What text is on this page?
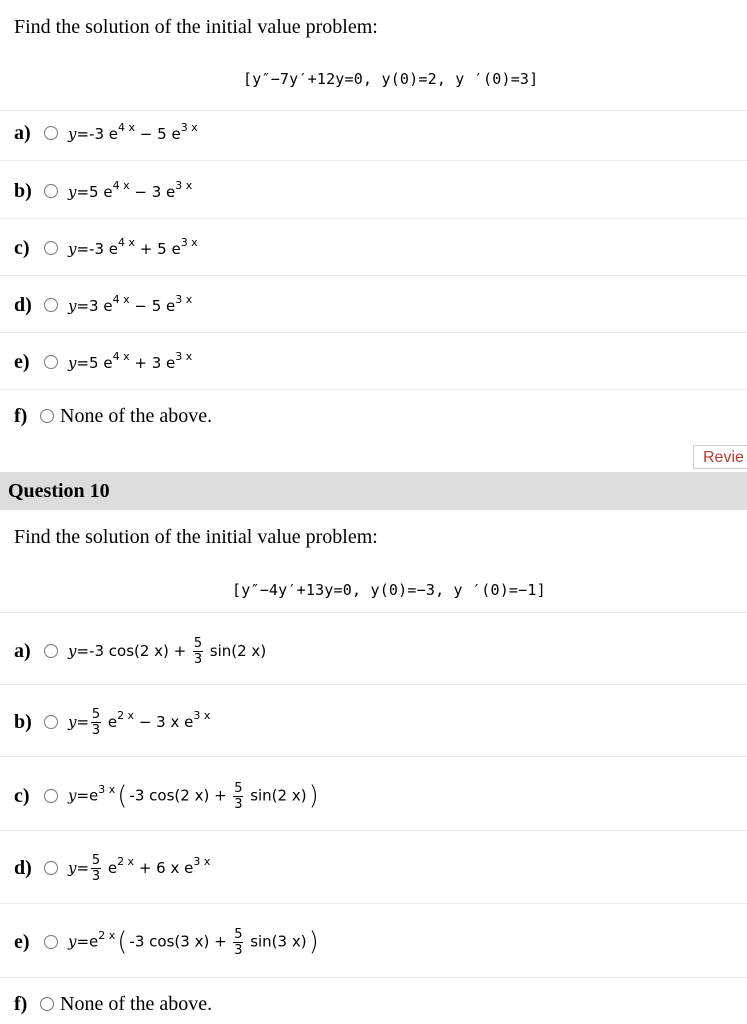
Find the solution of the initial value problem:
[y″−7y′+12y=0, y(0)=2, y ′(0)=3]
a)	y=-3 $e^{4 x} - 5$ $e^{3 x}$
b)	y=5 $e^{4 x} - 3$ $e^{3 x}$
c)	y=-3 $e^{4 x} + 5$ $e^{3 x}$
d)	y=3 $e^{4 x} - 5$ $e^{3 x}$
e)	y=5 $e^{4 x} + 3$ $e^{3 x}$
f)	None of the above.
Revie
Question 10
Find the solution of the initial value problem:
[y″−4y′+13y=0, y(0)=−3, y ′(0)=−1]
a)	y=-3 cos(2 $x) + \frac{5}{3} \sin(2$ x)
b)	$y= \frac{5}{3} e^{2 x} - 3$ x $e^{3 x}$
c)	$y=e^{3 x}$( -3 cos(2 $x) + \frac{5}{3} \sin(2$ x))
d)	$y= \frac{5}{3} e^{2 x} + 6$ x $e^{3 x}$
e)	$y=e^{2 x}$( -3 cos(3 $x) + \frac{5}{3} \sin(3$ x))
f)	None of the above.
